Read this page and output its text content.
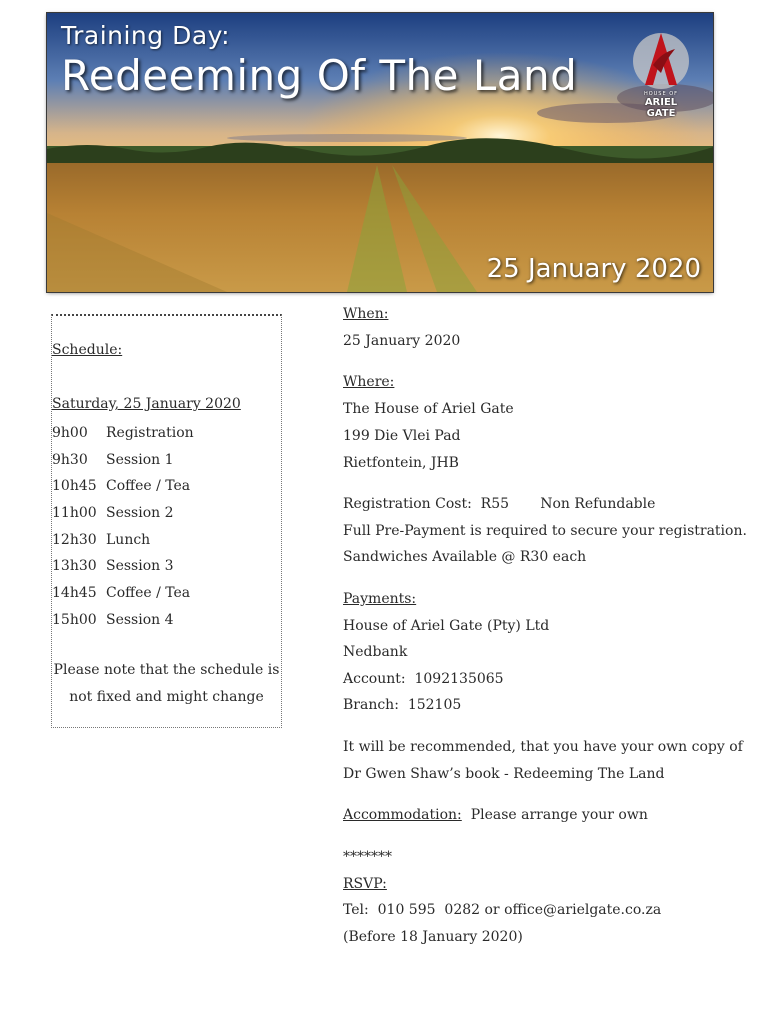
Training Day:
Redeeming Of The Land	HOUSE OF
ARIEL GATE
25 January 2020
Schedule:
Saturday, 25 January 2020
9h00 Registration
9h30 Session 1
10h45 Coffee / Tea
11h00 Session 2
12h30 Lunch
13h30 Session 3
14h45 Coffee / Tea
15h00 Session 4
Please note that the schedule is not fixed and might change
When:
25 January 2020
Where:
The House of Ariel Gate
199 Die Vlei Pad
Rietfontein, JHB
Registration Cost:  R55       Non Refundable
Full Pre-Payment is required to secure your registration.
Sandwiches Available @ R30 each
Payments:
House of Ariel Gate (Pty) Ltd
Nedbank
Account:  1092135065
Branch:  152105
It will be recommended, that you have your own copy of
Dr Gwen Shaw’s book - Redeeming The Land
Accommodation: Please arrange your own
*******
RSVP:
Tel:  010 595  0282 or office@arielgate.co.za
(Before 18 January 2020)
